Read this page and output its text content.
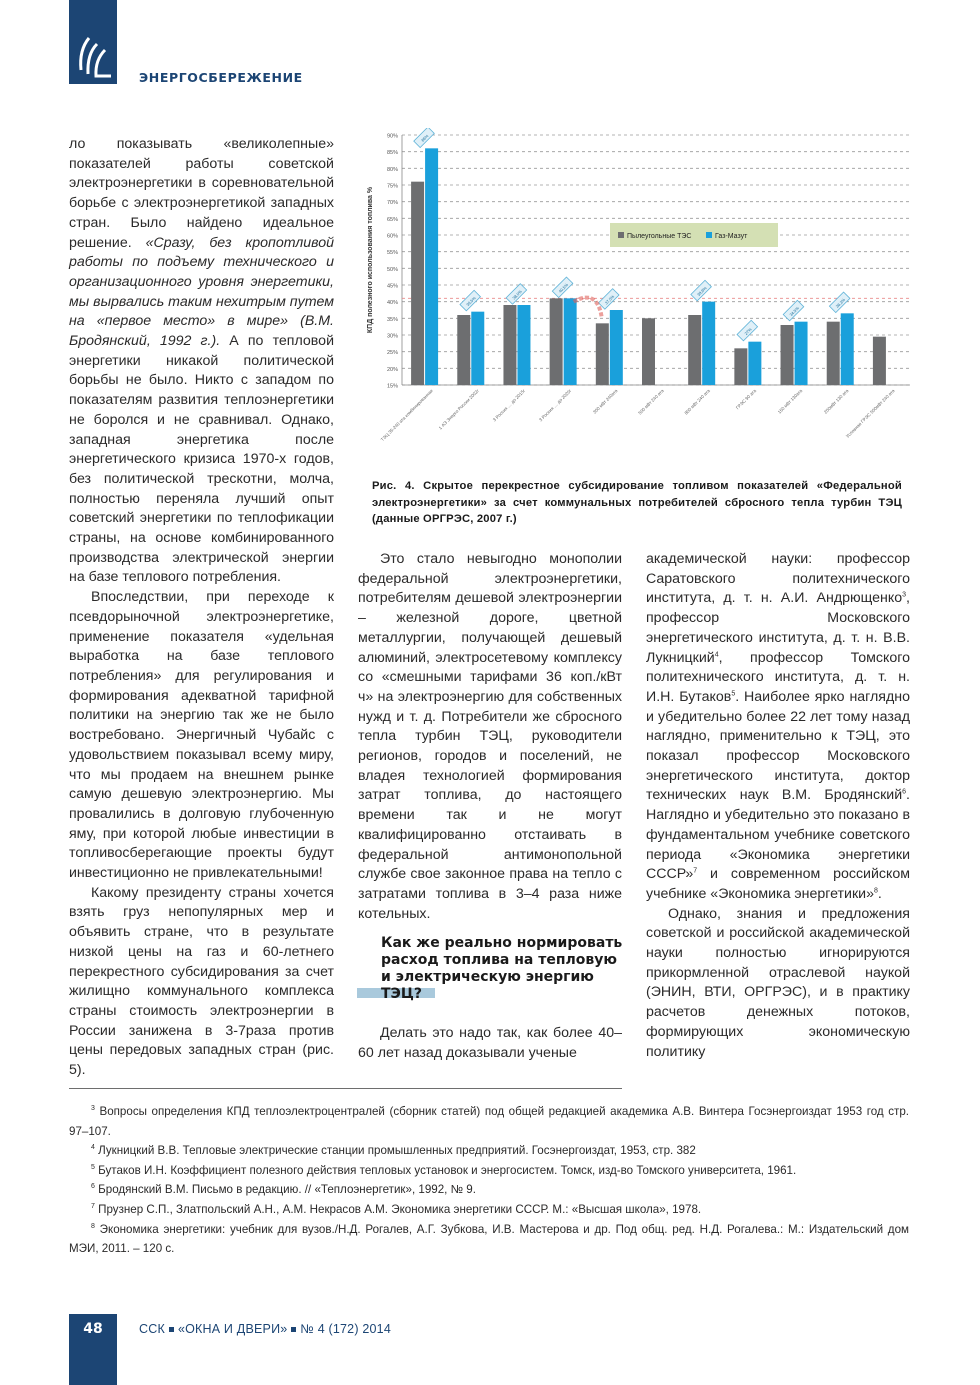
ЭНЕРГОСБЕРЕЖЕНИЕ

ло показывать «великолепные» показателей работы советской электроэнергетики в соревновательной борьбе с электроэнергетикой западных стран. Было найдено идеальное решение. «Сразу, без кропотливой работы по подъему технического и организационного уровня энергетики, мы вырвались таким нехитрым путем на «первое место» в мире» (В.М. Бродянский, 1992 г.). А по тепловой энергетики никакой политической борьбы не было. Никто с западом по показателям развития теплоэнергетики не боролся и не сравнивал. Однако, западная энергетика после энергетического кризиса 1970-х годов, без политической трескотни, молча, полностью переняла лучший опыт советский энергетики по теплофикации страны, на основе комбинированного производства электрической энергии на базе теплового потребления.

Впоследствии, при переходе к псевдорыночной электроэнергетике, применение показателя «удельная выработка на базе теплового потребления» для регулирования и формирования адекватной тарифной политики на энергию так же не было востребовано. Энергичный Чубайс с удовольствием показывал всему миру, что мы продаем на внешнем рынке самую дешевую электроэнергию. Мы провалились в долговую глубоченную яму, при которой любые инвестиции в топливосберегающие проекты будут инвестиционно не привлекательными!

Какому президенту страны хочется взять груз непопулярных мер и объявить стране, что в результате низкой цены на газ и 60-летнего перекрестного субсидирования за счет жилищно коммунального комплекса страны стоимость электроэнергии в России занижена в 3-7раза против цены передовых западных стран (рис. 5).

КПД полезного использования топлива %
15%
20%
25%
30%
35%
40%
45%
50%
55%
60%
65%
70%
75%
80%
85%
90%
ТЭЦ 35-240 ата комбинированная
86%
1 АЭ Энерго России 2002г
36,5%
3 Россия … до 2015г
38,0%
3 Россия … до 2020г
40,5%
300 мВт 240ата
37,5%
500 мВт 240 ата	800 мВт 240 ата
39,9%
ГРЭС 90 ата
27%
150 мВт 130ата
34,5%
200мВт 130 ата
36,3%
Условная ГРЭС 500мВт 240 ата
Пылеугольные ТЭС	Газ-Мазут
Рис. 4. Скрытое перекрестное субсидирование топливом показателей «Федеральной электроэнергетики» за счет коммунальных потребителей сбросного тепла турбин ТЭЦ (данные ОРГРЭС, 2007 г.)

Это стало невыгодно монополии федеральной электроэнергетики, потребителям дешевой электроэнергии – железной дороге, цветной металлургии, получающей дешевый алюминий, электросетевому комплексу со «смешными тарифами 36 коп./кВт ч» на электроэнергию для собственных нужд и т. д. Потребители же сбросного тепла турбин ТЭЦ, руководители регионов, городов и поселений, не владея технологией формирования затрат топлива, до настоящего времени так и не могут квалифицированно отстаивать в федеральной антимонопольной службе свое законное права на тепло с затратами топлива в 3–4 раза ниже котельных.

Как же реально нормировать расход топлива на тепловую и электрическую энергию ТЭЦ?

Делать это надо так, как более 40–60 лет назад доказывали ученые

академической науки: профессор Саратовского политехнического института, д. т. н. А.И. Андрющенко$^3$, профессор Московского энергетического института, д. т. н. В.В. Лукницкий$^4$, профессор Томского политехнического института, д. т. н. И.Н. Бутаков$^5$. Наиболее ярко наглядно и убедительно более 22 лет тому назад наглядно, применительно к ТЭЦ, это показал профессор Московского энергетического института, доктор технических наук В.М. Бродянский$^6$. Наглядно и убедительно это показано в фундаментальном учебнике советского периода «Экономика энергетики СССР»$^7$ и современном российском учебнике «Экономика энергетики»$^8$.

Однако, знания и предложения советской и российской академической науки полностью игнорируются прикормленной отраслевой наукой (ЭНИН, ВТИ, ОРГРЭС), и в практику расчетов денежных потоков, формирующих экономическую политику

$^3$ Вопросы определения КПД теплоэлектроцентралей (сборник статей) под общей редакцией академика А.В. Винтера Госэнергоиздат 1953 год стр. 97–107.

$^4$ Лукницкий В.В. Тепловые электрические станции промышленных предприятий. Госэнергоиздат, 1953, стр. 382

$^5$ Бутаков И.Н. Коэффициент полезного действия тепловых установок и энергосистем. Томск, изд-во Томского университета, 1961.

$^6$ Бродянский В.М. Письмо в редакцию. // «Теплоэнергетик», 1992, № 9.

$^7$ Прузнер С.П., Златпольский А.Н., А.М. Некрасов А.М. Экономика энергетики СССР. М.: «Высшая школа», 1978.

$^8$ Экономика энергетики: учебник для вузов./Н.Д. Рогалев, А.Г. Зубкова, И.В. Мастерова и др. Под общ. ред. Н.Д. Рогалева.: М.: Издательский дом МЭИ, 2011. – 120 с.

48	ССК «ОКНА И ДВЕРИ» № 4 (172) 2014
